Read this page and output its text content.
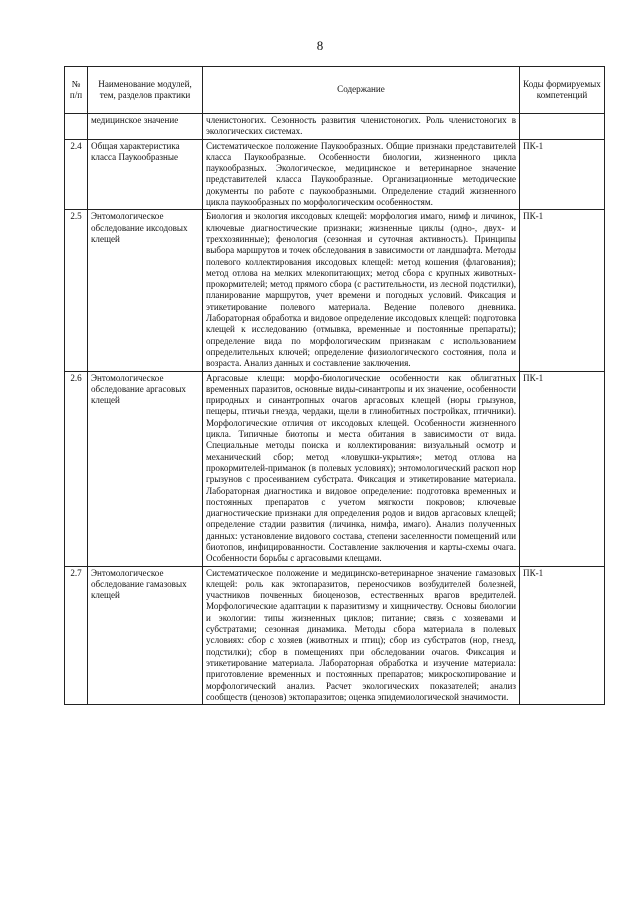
8
№ п/п	Наименование модулей, тем, разделов практики	Содержание	Коды формируемых компетенций
	медицинское значение	членистоногих. Сезонность развития членистоногих. Роль членистоногих в экологических системах.	
2.4	Общая характеристика класса Паукообразные	Систематическое положение Паукообразных. Общие признаки представителей класса Паукообразные. Особенности биологии, жизненного цикла паукообразных. Экологическое, медицинское и ветеринарное значение представителей класса Паукообразные. Организационные методические документы по работе с паукообразными. Определение стадий жизненного цикла паукообразных по морфологическим особенностям.	ПК-1
2.5	Энтомологическое обследование иксодовых клещей	Биология и экология иксодовых клещей: морфология имаго, нимф и личинок, ключевые диагностические признаки; жизненные циклы (одно-, двух- и треххозяинные); фенология (сезонная и суточная активность). Принципы выбора маршрутов и точек обследования в зависимости от ландшафта. Методы полевого коллектирования иксодовых клещей: метод кошения (флагования); метод отлова на мелких млекопитающих; метод сбора с крупных животных-прокормителей; метод прямого сбора (с растительности, из лесной подстилки), планирование маршрутов, учет времени и погодных условий. Фиксация и этикетирование полевого материала. Ведение полевого дневника. Лабораторная обработка и видовое определение иксодовых клещей: подготовка клещей к исследованию (отмывка, временные и постоянные препараты); определение вида по морфологическим признакам с использованием определительных ключей; определение физиологического состояния, пола и возраста. Анализ данных и составление заключения.	ПК-1
2.6	Энтомологическое обследование аргасовых клещей	Аргасовые клещи: морфо-биологические особенности как облигатных временных паразитов, основные виды-синантропы и их значение, особенности природных и синантропных очагов аргасовых клещей (норы грызунов, пещеры, птичьи гнезда, чердаки, щели в глинобитных постройках, птичники). Морфологические отличия от иксодовых клещей. Особенности жизненного цикла. Типичные биотопы и места обитания в зависимости от вида. Специальные методы поиска и коллектирования: визуальный осмотр и механический сбор; метод «ловушки-укрытия»; метод отлова на прокормителей-приманок (в полевых условиях); энтомологический раскоп нор грызунов с просеиванием субстрата. Фиксация и этикетирование материала. Лабораторная диагностика и видовое определение: подготовка временных и постоянных препаратов с учетом мягкости покровов; ключевые диагностические признаки для определения родов и видов аргасовых клещей; определение стадии развития (личинка, нимфа, имаго). Анализ полученных данных: установление видового состава, степени заселенности помещений или биотопов, инфицированности. Составление заключения и карты-схемы очага. Особенности борьбы с аргасовыми клещами.	ПК-1
2.7	Энтомологическое обследование гамазовых клещей	Систематическое положение и медицинско-ветеринарное значение гамазовых клещей: роль как эктопаразитов, переносчиков возбудителей болезней, участников почвенных биоценозов, естественных врагов вредителей. Морфологические адаптации к паразитизму и хищничеству. Основы биологии и экологии: типы жизненных циклов; питание; связь с хозяевами и субстратами; сезонная динамика. Методы сбора материала в полевых условиях: сбор с хозяев (животных и птиц); сбор из субстратов (нор, гнезд, подстилки); сбор в помещениях при обследовании очагов. Фиксация и этикетирование материала. Лабораторная обработка и изучение материала: приготовление временных и постоянных препаратов; микроскопирование и морфологический анализ. Расчет экологических показателей; анализ сообществ (ценозов) эктопаразитов; оценка эпидемиологической значимости.	ПК-1
